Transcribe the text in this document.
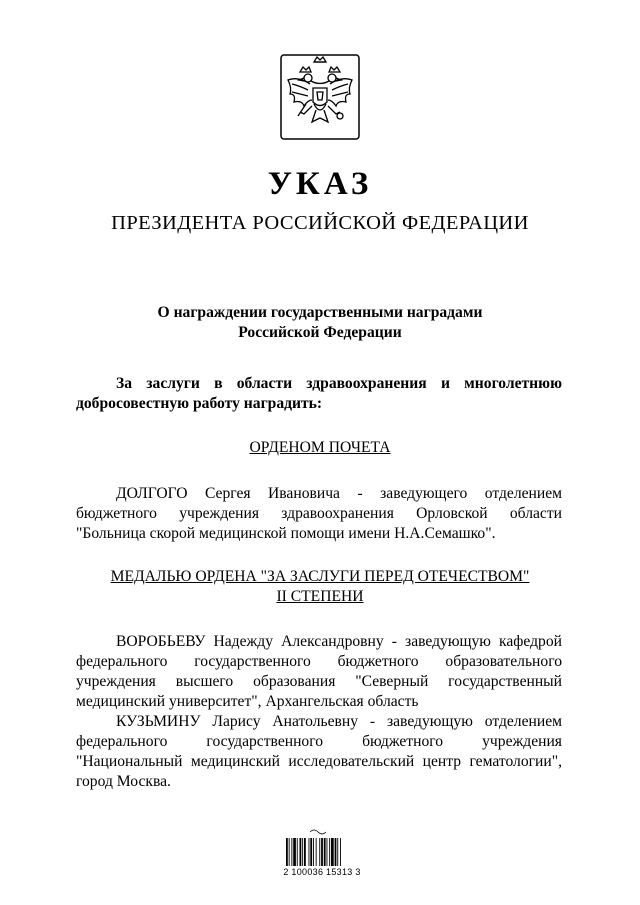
УКАЗ
ПРЕЗИДЕНТА РОССИЙСКОЙ ФЕДЕРАЦИИ
О награждении государственными наградами
Российской Федерации
За заслуги в области здравоохранения и многолетнюю добросовестную работу наградить:
ОРДЕНОМ ПОЧЕТА
ДОЛГОГО Сергея Ивановича - заведующего отделением бюджетного учреждения здравоохранения Орловской области "Больница скорой медицинской помощи имени Н.А.Семашко".
МЕДАЛЬЮ ОРДЕНА "ЗА ЗАСЛУГИ ПЕРЕД ОТЕЧЕСТВОМ"
II СТЕПЕНИ
ВОРОБЬЕВУ Надежду Александровну - заведующую кафедрой федерального государственного бюджетного образовательного учреждения высшего образования "Северный государственный медицинский университет", Архангельская область
КУЗЬМИНУ Ларису Анатольевну - заведующую отделением федерального государственного бюджетного учреждения "Национальный медицинский исследовательский центр гематологии", город Москва.
2 100036 15313 3
